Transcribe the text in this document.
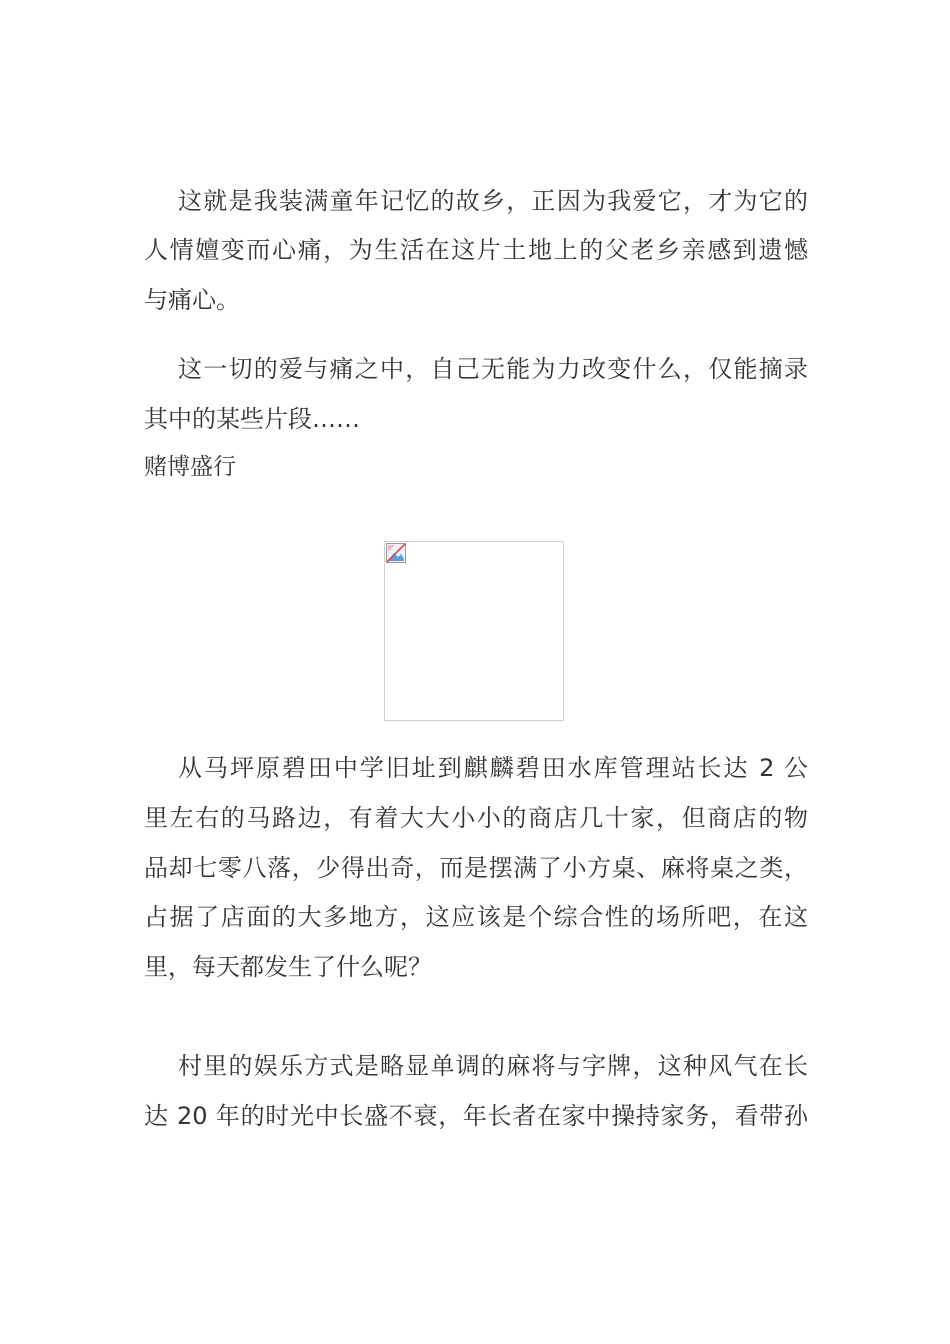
这就是我装满童年记忆的故乡，正因为我爱它，才为它的
人情嬗变而心痛，为生活在这片土地上的父老乡亲感到遗憾
与痛心。
这一切的爱与痛之中，自己无能为力改变什么，仅能摘录
其中的某些片段……
赌博盛行
从马坪原碧田中学旧址到麒麟碧田水库管理站长达 2 公
里左右的马路边，有着大大小小的商店几十家，但商店的物
品却七零八落，少得出奇，而是摆满了小方桌、麻将桌之类，
占据了店面的大多地方，这应该是个综合性的场所吧，在这
里，每天都发生了什么呢？
村里的娱乐方式是略显单调的麻将与字牌，这种风气在长
达 20 年的时光中长盛不衰，年长者在家中操持家务，看带孙
